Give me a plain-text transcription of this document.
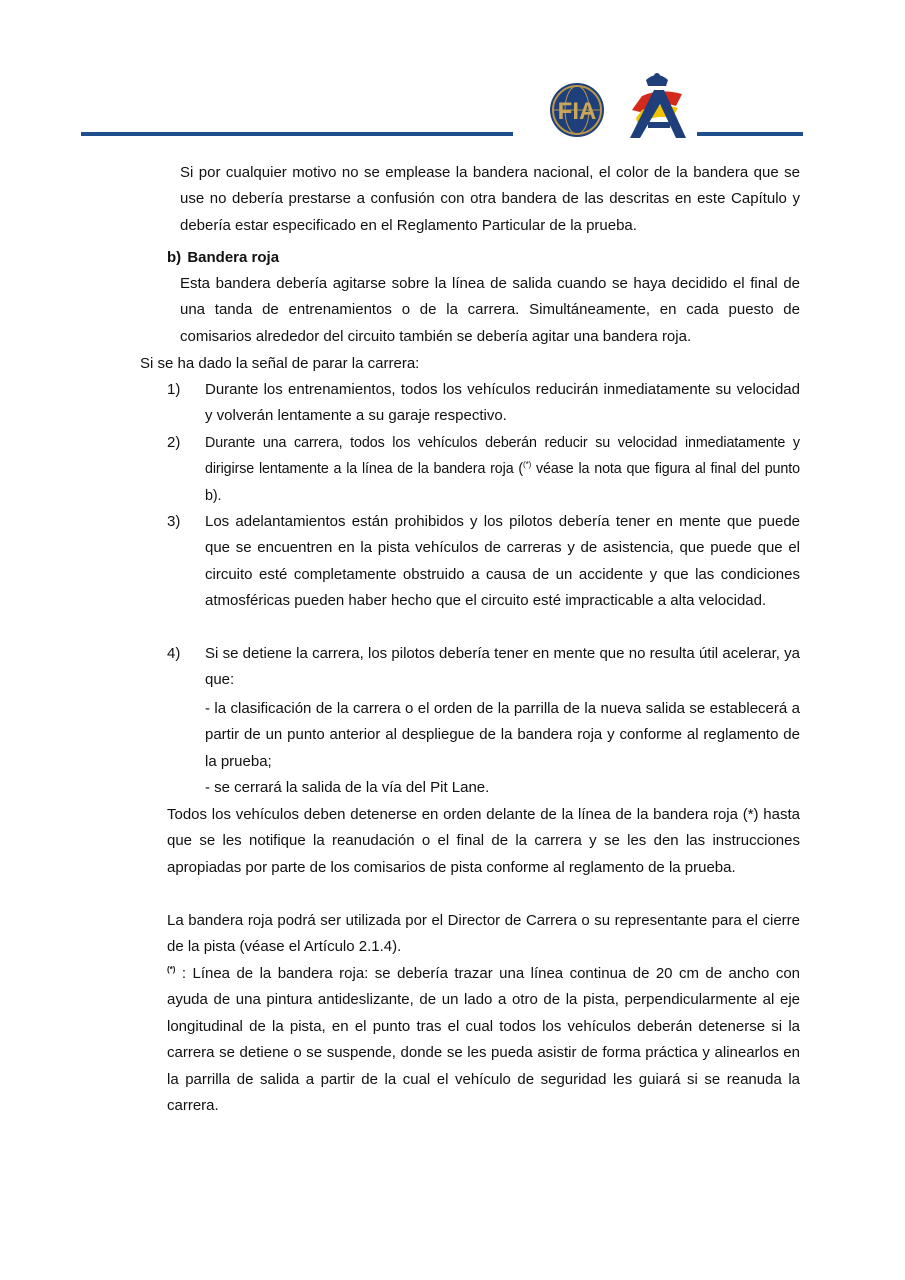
FIA
Si por cualquier motivo no se emplease la bandera nacional, el color de la bandera que se use no debería prestarse a confusión con otra bandera de las descritas en este Capítulo y debería estar especificado en el Reglamento Particular de la prueba.
b) Bandera roja
Esta bandera debería agitarse sobre la línea de salida cuando se haya decidido el final de una tanda de entrenamientos o de la carrera. Simultáneamente, en cada puesto de comisarios alrededor del circuito también se debería agitar una bandera roja.
Si se ha dado la señal de parar la carrera:
1) Durante los entrenamientos, todos los vehículos reducirán inmediatamente su velocidad y volverán lentamente a su garaje respectivo.
2) Durante una carrera, todos los vehículos deberán reducir su velocidad inmediatamente y dirigirse lentamente a la línea de la bandera roja ((*) véase la nota que figura al final del punto b).
3) Los adelantamientos están prohibidos y los pilotos debería tener en mente que puede que se encuentren en la pista vehículos de carreras y de asistencia, que puede que el circuito esté completamente obstruido a causa de un accidente y que las condiciones atmosféricas pueden haber hecho que el circuito esté impracticable a alta velocidad.
4) Si se detiene la carrera, los pilotos debería tener en mente que no resulta útil acelerar, ya que:
- la clasificación de la carrera o el orden de la parrilla de la nueva salida se establecerá a partir de un punto anterior al despliegue de la bandera roja y conforme al reglamento de la prueba;
- se cerrará la salida de la vía del Pit Lane.
Todos los vehículos deben detenerse en orden delante de la línea de la bandera roja (*) hasta que se les notifique la reanudación o el final de la carrera y se les den las instrucciones apropiadas por parte de los comisarios de pista conforme al reglamento de la prueba.
La bandera roja podrá ser utilizada por el Director de Carrera o su representante para el cierre de la pista (véase el Artículo 2.1.4).
(*) : Línea de la bandera roja: se debería trazar una línea continua de 20 cm de ancho con ayuda de una pintura antideslizante, de un lado a otro de la pista, perpendicularmente al eje longitudinal de la pista, en el punto tras el cual todos los vehículos deberán detenerse si la carrera se detiene o se suspende, donde se les pueda asistir de forma práctica y alinearlos en la parrilla de salida a partir de la cual el vehículo de seguridad les guiará si se reanuda la carrera.
